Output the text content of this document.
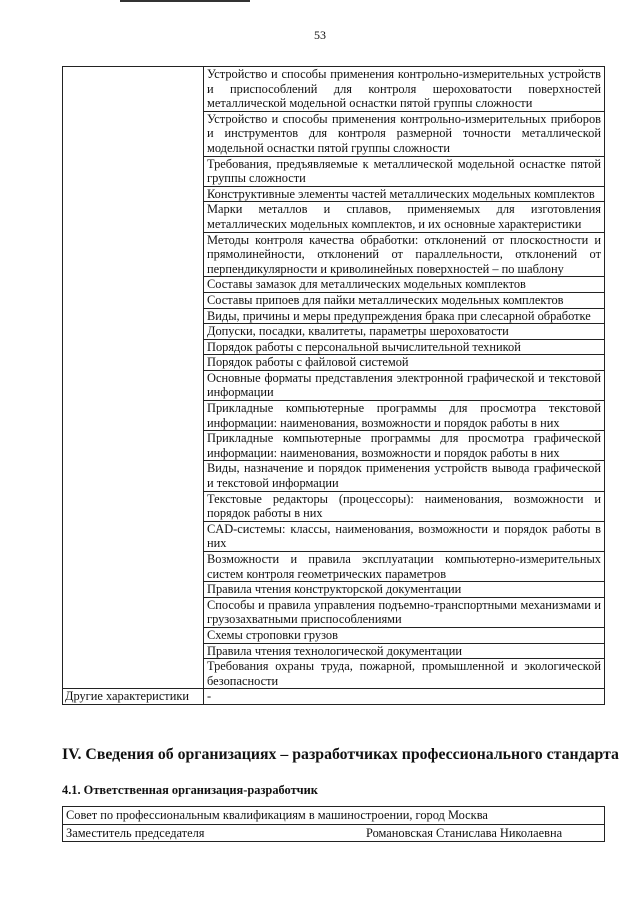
53
	Устройство и способы применения контрольно-измерительных устройств и приспособлений для контроля шероховатости поверхностей металлической модельной оснастки пятой группы сложности
	Устройство и способы применения контрольно-измерительных приборов и инструментов для контроля размерной точности металлической модельной оснастки пятой группы сложности
	Требования, предъявляемые к металлической модельной оснастке пятой группы сложности
	Конструктивные элементы частей металлических модельных комплектов
	Марки металлов и сплавов, применяемых для изготовления металлических модельных комплектов, и их основные характеристики
	Методы контроля качества обработки: отклонений от плоскостности и прямолинейности, отклонений от параллельности, отклонений от перпендикулярности и криволинейных поверхностей – по шаблону
	Составы замазок для металлических модельных комплектов
	Составы припоев для пайки металлических модельных комплектов
	Виды, причины и меры предупреждения брака при слесарной обработке
	Допуски, посадки, квалитеты, параметры шероховатости
	Порядок работы с персональной вычислительной техникой
	Порядок работы с файловой системой
	Основные форматы представления электронной графической и текстовой информации
	Прикладные компьютерные программы для просмотра текстовой информации: наименования, возможности и порядок работы в них
	Прикладные компьютерные программы для просмотра графической информации: наименования, возможности и порядок работы в них
	Виды, назначение и порядок применения устройств вывода графической и текстовой информации
	Текстовые редакторы (процессоры): наименования, возможности и порядок работы в них
	CAD-системы: классы, наименования, возможности и порядок работы в них
	Возможности и правила эксплуатации компьютерно-измерительных систем контроля геометрических параметров
	Правила чтения конструкторской документации
	Способы и правила управления подъемно-транспортными механизмами и грузозахватными приспособлениями
	Схемы строповки грузов
	Правила чтения технологической документации
	Требования охраны труда, пожарной, промышленной и экологической безопасности
Другие характеристики	-
IV. Сведения об организациях – разработчиках профессионального стандарта
4.1. Ответственная организация-разработчик
Совет по профессиональным квалификациям в машиностроении, город Москва
Заместитель председателя	Романовская Станислава Николаевна
